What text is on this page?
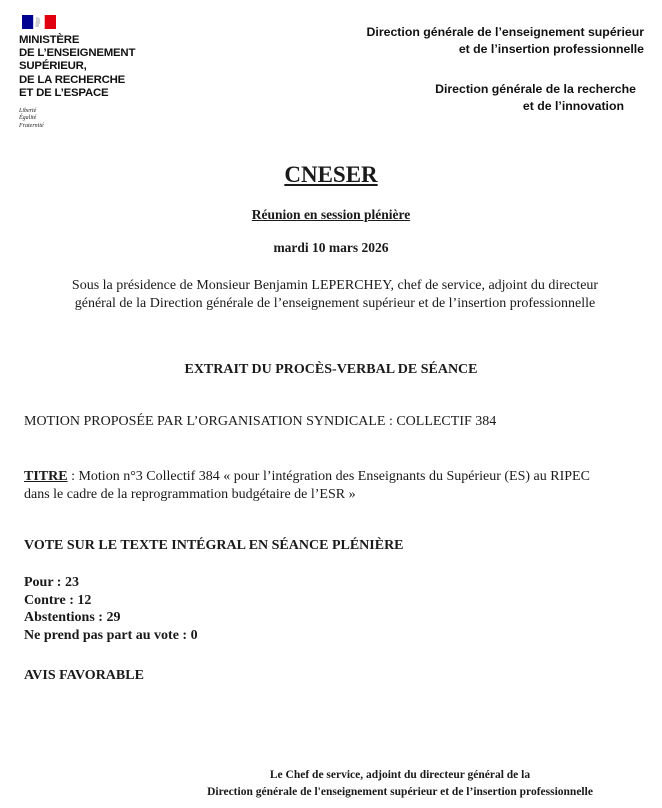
MINISTÈRE
DE L’ENSEIGNEMENT
SUPÉRIEUR,
DE LA RECHERCHE
ET DE L’ESPACE
Liberté
Égalité
Fraternité
Direction générale de l’enseignement supérieur
et de l’insertion professionnelle
Direction générale de la recherche
et de l’innovation
CNESER
Réunion en session plénière
mardi 10 mars 2026
Sous la présidence de Monsieur Benjamin LEPERCHEY, chef de service, adjoint du directeur
général de la Direction générale de l’enseignement supérieur et de l’insertion professionnelle
EXTRAIT DU PROCÈS-VERBAL DE SÉANCE
MOTION PROPOSÉE PAR L’ORGANISATION SYNDICALE : COLLECTIF 384
TITRE : Motion n°3 Collectif 384 « pour l’intégration des Enseignants du Supérieur (ES) au RIPEC
dans le cadre de la reprogrammation budgétaire de l’ESR »
VOTE SUR LE TEXTE INTÉGRAL EN SÉANCE PLÉNIÈRE
Pour : 23
Contre : 12
Abstentions : 29
Ne prend pas part au vote : 0
AVIS FAVORABLE
Le Chef de service, adjoint du directeur général de la
Direction générale de l'enseignement supérieur et de l’insertion professionnelle
